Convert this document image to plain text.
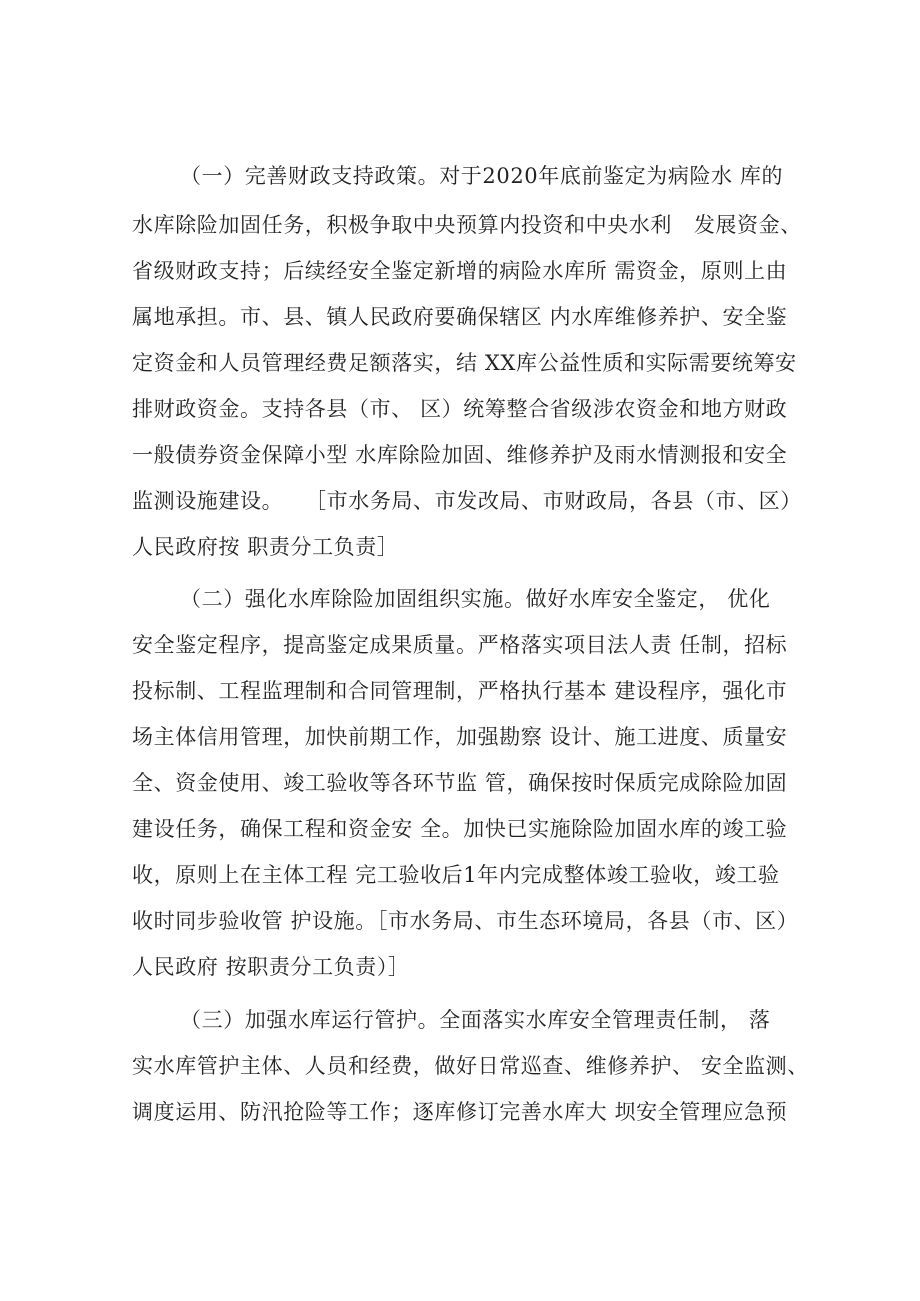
（一）完善财政支持政策。对于2020年底前鉴定为病险水 库的
水库除险加固任务，积极争取中央预算内投资和中央水利   发展资金、
省级财政支持；后续经安全鉴定新增的病险水库所 需资金，原则上由
属地承担。市、县、镇人民政府要确保辖区 内水库维修养护、安全鉴
定资金和人员管理经费足额落实，结 XX库公益性质和实际需要统筹安
排财政资金。支持各县（市、 区）统筹整合省级涉农资金和地方财政
一般债券资金保障小型 水库除险加固、维修养护及雨水情测报和安全
监测设施建设。   ［市水务局、市发改局、市财政局，各县（市、区）
人民政府按 职责分工负责］
（二）强化水库除险加固组织实施。做好水库安全鉴定， 优化
安全鉴定程序，提高鉴定成果质量。严格落实项目法人责 任制，招标
投标制、工程监理制和合同管理制，严格执行基本 建设程序，强化市
场主体信用管理，加快前期工作，加强勘察 设计、施工进度、质量安
全、资金使用、竣工验收等各环节监 管，确保按时保质完成除险加固
建设任务，确保工程和资金安 全。加快已实施除险加固水库的竣工验
收，原则上在主体工程 完工验收后1年内完成整体竣工验收，竣工验
收时同步验收管 护设施。［市水务局、市生态环境局，各县（市、区）
人民政府 按职责分工负责）］
（三）加强水库运行管护。全面落实水库安全管理责任制， 落
实水库管护主体、人员和经费，做好日常巡查、维修养护、 安全监测、
调度运用、防汛抢险等工作；逐库修订完善水库大 坝安全管理应急预
